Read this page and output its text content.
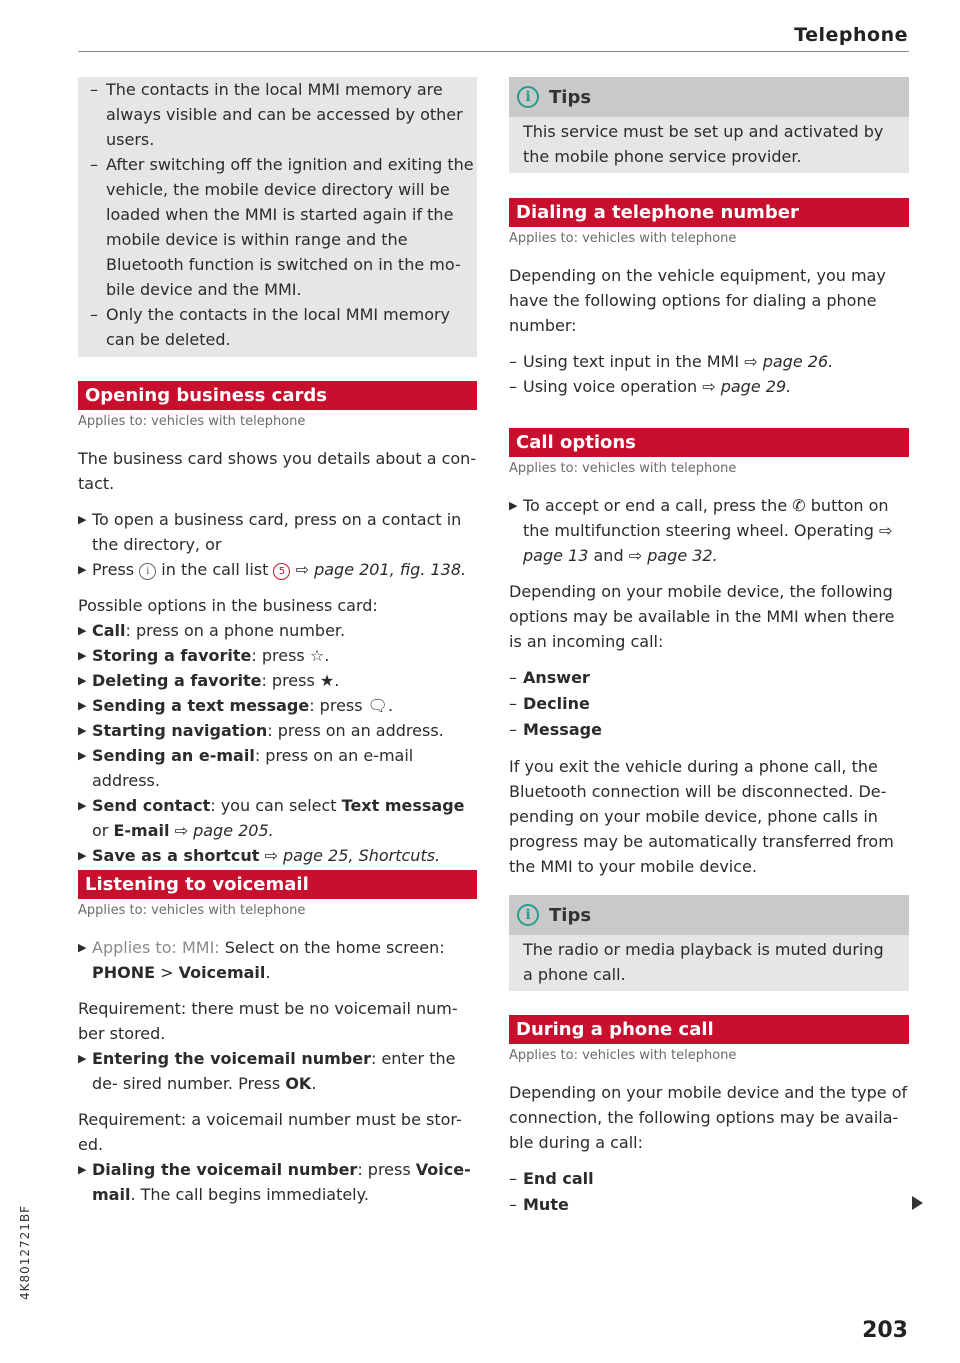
Telephone
– The contacts in the local MMI memory are always visible and can be accessed by other users.
– After switching off the ignition and exiting the vehicle, the mobile device directory will be loaded when the MMI is started again if the mobile device is within range and the Bluetooth function is switched on in the mo- bile device and the MMI.
– Only the contacts in the local MMI memory can be deleted.
Opening business cards
Applies to: vehicles with telephone

The business card shows you details about a con- tact.

▶ To open a business card, press on a contact in the directory, or
▶ Press i in the call list 5 ⇨ page 201, fig. 138.

Possible options in the business card:

▶ Call: press on a phone number.
▶ Storing a favorite: press ☆.
▶ Deleting a favorite: press ★.
▶ Sending a text message: press 🗨.
▶ Starting navigation: press on an address.
▶ Sending an e-mail: press on an e-mail address.
▶ Send contact: you can select Text message or E-mail ⇨ page 205.
▶ Save as a shortcut ⇨ page 25, Shortcuts.
Listening to voicemail
Applies to: vehicles with telephone
▶ Applies to: MMI: Select on the home screen: PHONE > Voicemail.

Requirement: there must be no voicemail num- ber stored.

▶ Entering the voicemail number: enter the de- sired number. Press OK.

Requirement: a voicemail number must be stor- ed.

▶ Dialing the voicemail number: press Voice- mail. The call begins immediately.
i	Tips
This service must be set up and activated by the mobile phone service provider.
Dialing a telephone number
Applies to: vehicles with telephone

Depending on the vehicle equipment, you may have the following options for dialing a phone number:

– Using text input in the MMI ⇨ page 26.
– Using voice operation ⇨ page 29.
Call options
Applies to: vehicles with telephone
▶ To accept or end a call, press the ✆ button on the multifunction steering wheel. Operating ⇨ page 13 and ⇨ page 32.

Depending on your mobile device, the following options may be available in the MMI when there is an incoming call:

– Answer
– Decline
– Message

If you exit the vehicle during a phone call, the Bluetooth connection will be disconnected. De- pending on your mobile device, phone calls in progress may be automatically transferred from the MMI to your mobile device.

i	Tips
The radio or media playback is muted during a phone call.
During a phone call
Applies to: vehicles with telephone

Depending on your mobile device and the type of connection, the following options may be availa- ble during a call:

– End call
– Mute
4K8012721BF
203
